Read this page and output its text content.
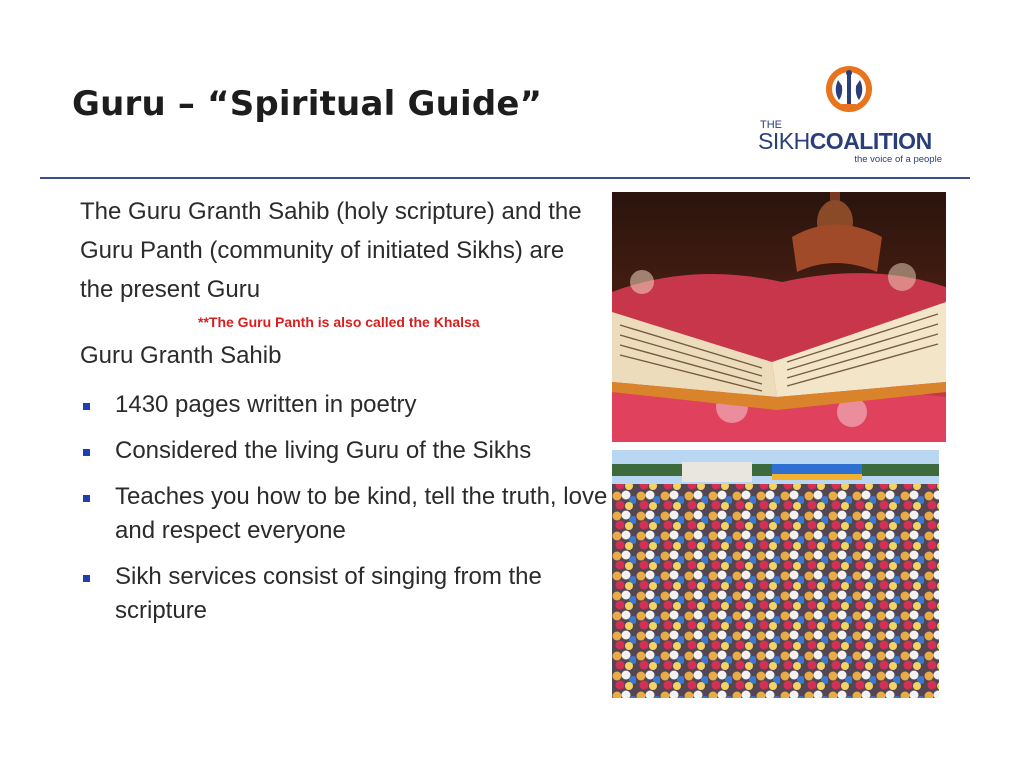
Guru – “Spiritual Guide”
THE
SIKHCOALITION
the voice of a people
The Guru Granth Sahib (holy scripture) and the Guru Panth (community of initiated Sikhs) are the present Guru
**The Guru Panth is also called the Khalsa
Guru Granth Sahib
1430 pages written in poetry
Considered the living Guru of the Sikhs
Teaches you how to be kind, tell the truth, love and respect everyone
Sikh services consist of singing from the scripture
